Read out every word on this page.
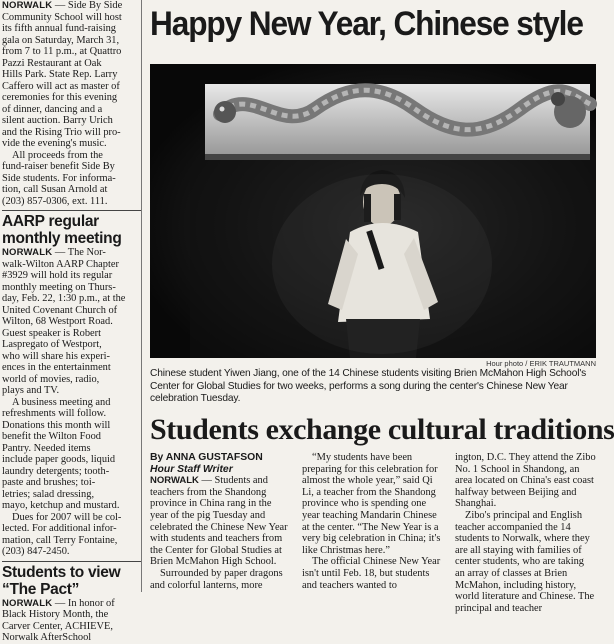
NORWALK — Side By Side

Community School will host

its fifth annual fund-raising

gala on Saturday, March 31,

from 7 to 11 p.m., at Quattro

Pazzi Restaurant at Oak

Hills Park. State Rep. Larry

Caffero will act as master of

ceremonies for this evening

of dinner, dancing and a

silent auction. Barry Urich

and the Rising Trio will pro-

vide the evening's music.

All proceeds from the

fund-raiser benefit Side By

Side students. For informa-

tion, call Susan Arnold at

(203) 857-0306, ext. 111.

AARP regular
monthly meeting

NORWALK — The Nor-

walk-Wilton AARP Chapter

#3929 will hold its regular

monthly meeting on Thurs-

day, Feb. 22, 1:30 p.m., at the

United Covenant Church of

Wilton, 68 Westport Road.

Guest speaker is Robert

Laspregato of Westport,

who will share his experi-

ences in the entertainment

world of movies, radio,

plays and TV.

A business meeting and

refreshments will follow.

Donations this month will

benefit the Wilton Food

Pantry. Needed items

include paper goods, liquid

laundry detergents; tooth-

paste and brushes; toi-

letries; salad dressing,

mayo, ketchup and mustard.

Dues for 2007 will be col-

lected. For additional infor-

mation, call Terry Fontaine,

(203) 847-2450.

Students to view
“The Pact”

NORWALK — In honor of

Black History Month, the

Carver Center, ACHIEVE,

Norwalk AfterSchool

Happy New Year, Chinese style

Hour photo / ERIK TRAUTMANN

Chinese student Yiwen Jiang, one of the 14 Chinese students visiting Brien McMahon High School's Center for Global Studies for two weeks, performs a song during the center's Chinese New Year celebration Tuesday.

Students exchange cultural traditions

By ANNA GUSTAFSON

Hour Staff Writer

NORWALK — Students and teachers from the Shandong province in China rang in the year of the pig Tuesday and celebrated the Chinese New Year with students and teachers from the Center for Global Studies at Brien McMahon High School.

Surrounded by paper dragons and colorful lanterns, more

“My students have been preparing for this celebration for almost the whole year,” said Qi Li, a teacher from the Shandong province who is spending one year teaching Mandarin Chinese at the center. “The New Year is a very big celebration in China; it's like Christmas here.”

The official Chinese New Year isn't until Feb. 18, but students and teachers wanted to

ington, D.C. They attend the Zibo No. 1 School in Shandong, an area located on China's east coast halfway between Beijing and Shanghai.

Zibo's principal and English teacher accompanied the 14 students to Norwalk, where they are all staying with families of center students, who are taking an array of classes at Brien McMahon, including history, world literature and Chinese. The principal and teacher
